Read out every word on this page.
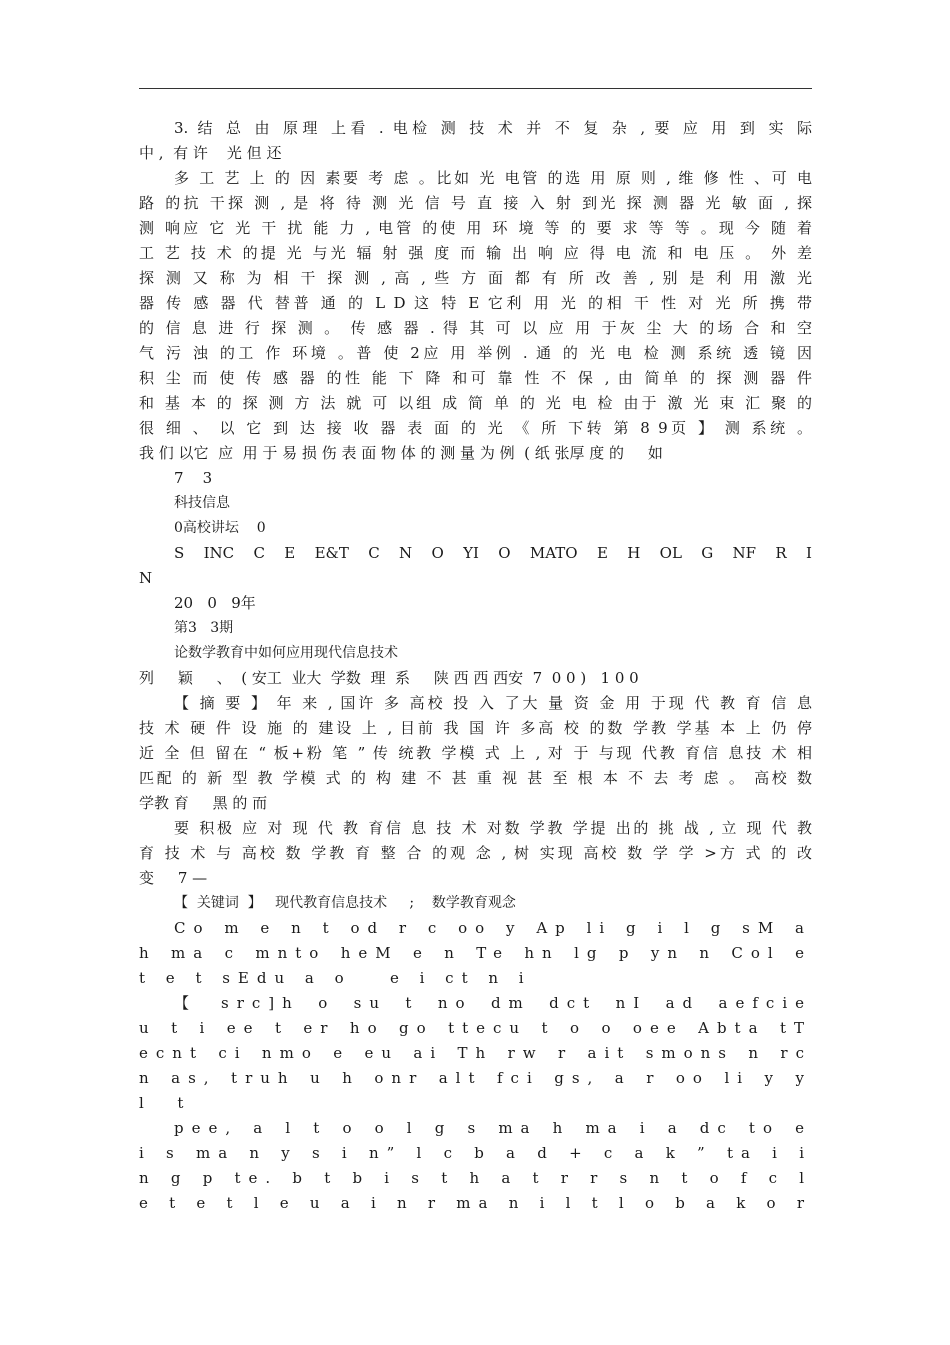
3. 结 总 由 原理 上看 . 电检 测 技 术 并 不 复 杂 , 要 应 用 到 实 际
中 ,  有 许    光 但 还
多 工 艺 上 的 因 素要 考 虑 。比如 光 电管 的选 用 原 则 , 维 修 性 、可 电
路 的抗 干探 测 , 是 将 待 测 光 信 号 直 接 入 射 到光 探 测 器 光 敏 面 , 探
测 响应 它 光 干 扰 能 力 , 电管 的使 用 环 境 等 的 要 求 等 等 。现 今 随 着
工 艺 技 术 的提 光 与光 辐 射 强 度 而 输 出 响 应 得 电 流 和 电 压 。 外 差
探 测 又 称 为 相 干 探 测 , 高 , 些 方 面 都 有 所 改 善 , 别 是 利 用 激 光
器 传 感 器 代 替普 通 的 L D 这 特 E 它利 用 光 的相 干 性 对 光 所 携 带
的 信 息 进 行 探 测 。 传 感 器 . 得 其 可 以 应 用 于灰 尘 大 的场 合 和 空
气 污 浊 的工 作 环境 。普 使 2应 用 举例 . 通 的 光 电 检 测 系统 透 镜 因
积 尘 而 使 传 感 器 的性 能 下 降 和可 靠 性 不 保 , 由 简单 的 探 测 器 件
和 基 本 的 探 测 方 法 就 可 以组 成 简 单 的 光 电 检 由于 激 光 束 汇 聚 的
很 细 、 以 它 到 达 接 收 器 表 面 的 光 《 所 下转 第 8 9页 】 测 系统 。
我 们 以它  应  用 于 易 损 伤 表 面 物 体 的 测 量 为 例  ( 纸 张厚 度 的     如
7    3
科技信息
0高校讲坛    0
S INC C E E&T C N O YI O MATO E H OL G NF R I
N
20   0   9年
第3   3期
论数学教育中如何应用现代信息技术
列     颖     、  ( 安工  业大  学数  理  系     陕 西 西 西安  7  0 0 )   1 0 0
【 摘 要 】 年 来 , 国许 多 高校 投 入 了大 量 资 金 用 于现 代 教 育 信 息
技 术 硬 件 设 施 的 建设 上 , 目前 我 国 许 多高 校 的数 学教 学基 本 上 仍 停
近 全 但 留在 “ 板+粉 笔 ” 传 统教 学模 式 上 , 对 于 与现 代教 育信 息技 术 相
匹配 的 新 型 教 学模 式 的 构 建 不 甚 重 视 甚 至 根 本 不 去 考 虑 。 高校 数
学教 育     黑 的 而
要 积极 应 对 现 代 教 育信 息 技 术 对数 学教 学提 出的 挑 战 , 立 现 代 教
育 技 术 与 高校 数 学教 育 整 合 的观 念 , 树 实现 高校 数 学 学 >方 式 的 改
变     7 —
【  关键词  】   现代教育信息技术     ;    数学教育观念
Co m e n t od r c oo y Ap li g i l g sM a
h ma c mnto heM e n Te hn lg p yn n Col e
t e t sEdu a o   e i ct n i
【 src]h o su t no dm dct nI ad aefcie
u t i ee t er ho go ttecu t o o oee Abta tT
ecnt ci nmo e eu ai Th rw r ait smons n rc
n as, truh u h onr alt fci gs, a r oo li y y
l  t
pee, a l t o o l g s ma h ma i a dc to e
i s ma n y s i n” l c b a d + c a k ” ta i i
n g p te. b t b i s t h a t r r s n t o f c l
e t e t l e u a i n r ma n i l t l o b a k o r
